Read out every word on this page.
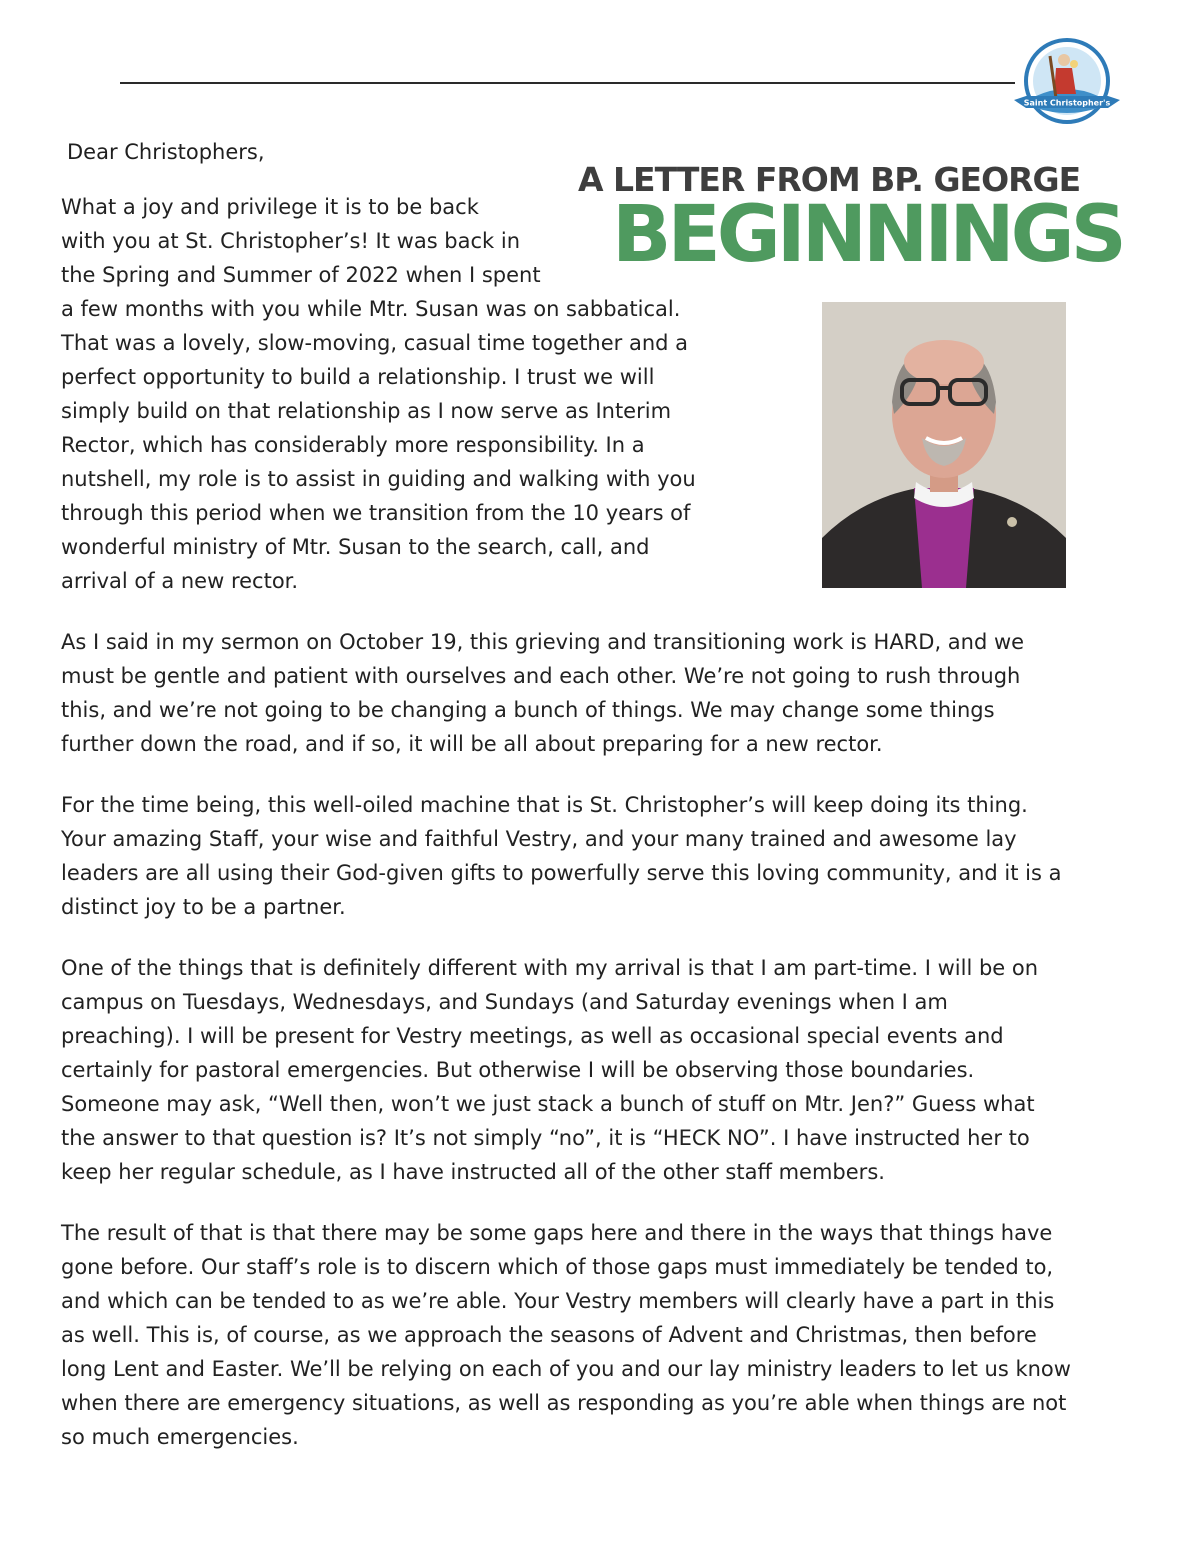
Saint Christopher's
A LETTER FROM BP. GEORGE
BEGINNINGS
Dear Christophers,
What a joy and privilege it is to be back
with you at St. Christopher’s! It was back in
the Spring and Summer of 2022 when I spent
a few months with you while Mtr. Susan was on sabbatical.
That was a lovely, slow-moving, casual time together and a
perfect opportunity to build a relationship. I trust we will
simply build on that relationship as I now serve as Interim
Rector, which has considerably more responsibility. In a
nutshell, my role is to assist in guiding and walking with you
through this period when we transition from the 10 years of
wonderful ministry of Mtr. Susan to the search, call, and
arrival of a new rector.
As I said in my sermon on October 19, this grieving and transitioning work is HARD, and we
must be gentle and patient with ourselves and each other. We’re not going to rush through
this, and we’re not going to be changing a bunch of things. We may change some things
further down the road, and if so, it will be all about preparing for a new rector.
For the time being, this well-oiled machine that is St. Christopher’s will keep doing its thing.
Your amazing Staff, your wise and faithful Vestry, and your many trained and awesome lay
leaders are all using their God-given gifts to powerfully serve this loving community, and it is a
distinct joy to be a partner.
One of the things that is definitely different with my arrival is that I am part-time. I will be on
campus on Tuesdays, Wednesdays, and Sundays (and Saturday evenings when I am
preaching). I will be present for Vestry meetings, as well as occasional special events and
certainly for pastoral emergencies. But otherwise I will be observing those boundaries.
Someone may ask, “Well then, won’t we just stack a bunch of stuff on Mtr. Jen?” Guess what
the answer to that question is? It’s not simply “no”, it is “HECK NO”. I have instructed her to
keep her regular schedule, as I have instructed all of the other staff members.
The result of that is that there may be some gaps here and there in the ways that things have
gone before. Our staff’s role is to discern which of those gaps must immediately be tended to,
and which can be tended to as we’re able. Your Vestry members will clearly have a part in this
as well. This is, of course, as we approach the seasons of Advent and Christmas, then before
long Lent and Easter. We’ll be relying on each of you and our lay ministry leaders to let us know
when there are emergency situations, as well as responding as you’re able when things are not
so much emergencies.
